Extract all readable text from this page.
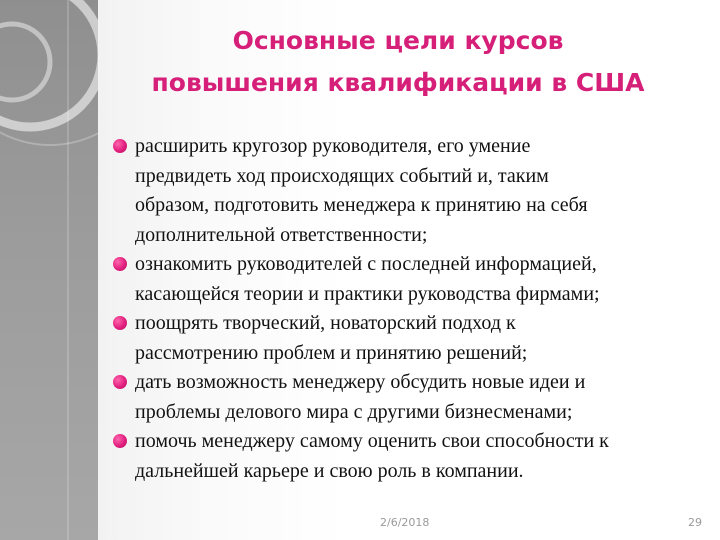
Основные цели курсов
повышения квалификации в США
расширить кругозор руководителя, его умение
предвидеть ход происходящих событий и, таким
образом, подготовить менеджера к принятию на себя
дополнительной ответственности;
ознакомить руководителей с последней информацией,
касающейся теории и практики руководства фирмами;
поощрять творческий, новаторский подход к
рассмотрению проблем и принятию решений;
дать возможность менеджеру обсудить новые идеи и
проблемы делового мира с другими бизнесменами;
помочь менеджеру самому оценить свои способности к
дальнейшей карьере и свою роль в компании.
2/6/2018	29
